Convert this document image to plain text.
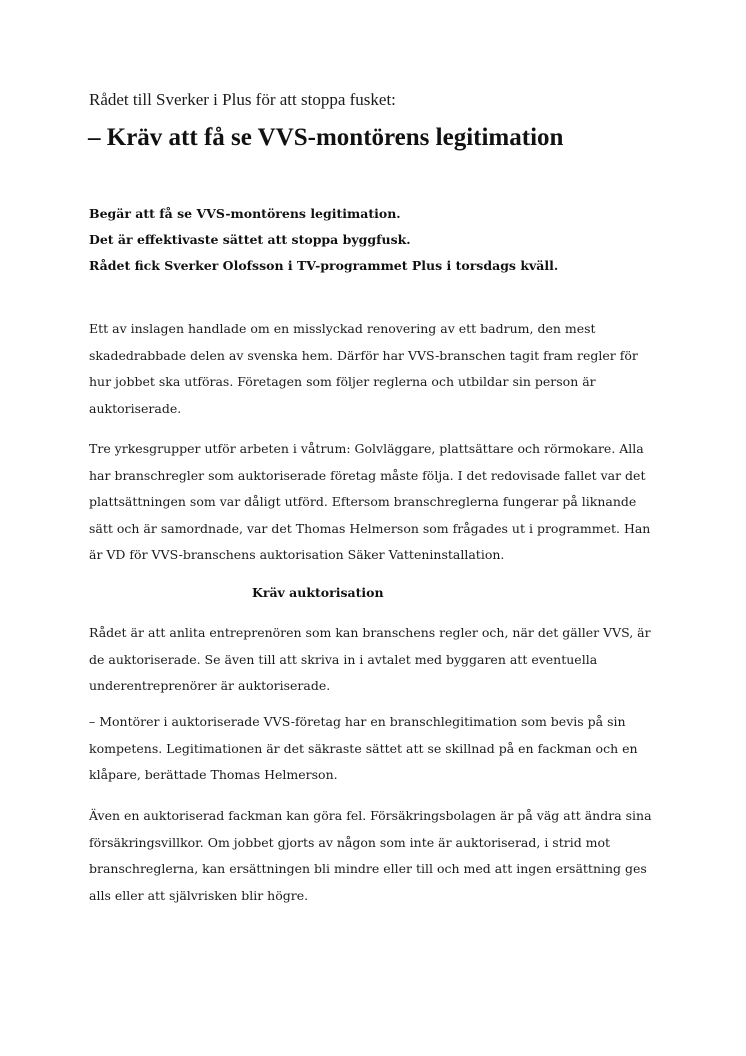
Rådet till Sverker i Plus för att stoppa fusket:
– Kräv att få se VVS-montörens legitimation
Begär att få se VVS-montörens legitimation.
Det är effektivaste sättet att stoppa byggfusk.
Rådet fick Sverker Olofsson i TV-programmet Plus i torsdags kväll.
Ett av inslagen handlade om en misslyckad renovering av ett badrum, den mest
skadedrabbade delen av svenska hem. Därför har VVS-branschen tagit fram regler för
hur jobbet ska utföras. Företagen som följer reglerna och utbildar sin person är
auktoriserade.
Tre yrkesgrupper utför arbeten i våtrum: Golvläggare, plattsättare och rörmokare. Alla
har branschregler som auktoriserade företag måste följa. I det redovisade fallet var det
plattsättningen som var dåligt utförd. Eftersom branschreglerna fungerar på liknande
sätt och är samordnade, var det Thomas Helmerson som frågades ut i programmet. Han
är VD för VVS-branschens auktorisation Säker Vatteninstallation.
Kräv auktorisation
Rådet är att anlita entreprenören som kan branschens regler och, när det gäller VVS, är
de auktoriserade. Se även till att skriva in i avtalet med byggaren att eventuella
underentreprenörer är auktoriserade.
– Montörer i auktoriserade VVS-företag har en branschlegitimation som bevis på sin
kompetens. Legitimationen är det säkraste sättet att se skillnad på en fackman och en
klåpare, berättade Thomas Helmerson.
Även en auktoriserad fackman kan göra fel. Försäkringsbolagen är på väg att ändra sina
försäkringsvillkor. Om jobbet gjorts av någon som inte är auktoriserad, i strid mot
branschreglerna, kan ersättningen bli mindre eller till och med att ingen ersättning ges
alls eller att självrisken blir högre.
